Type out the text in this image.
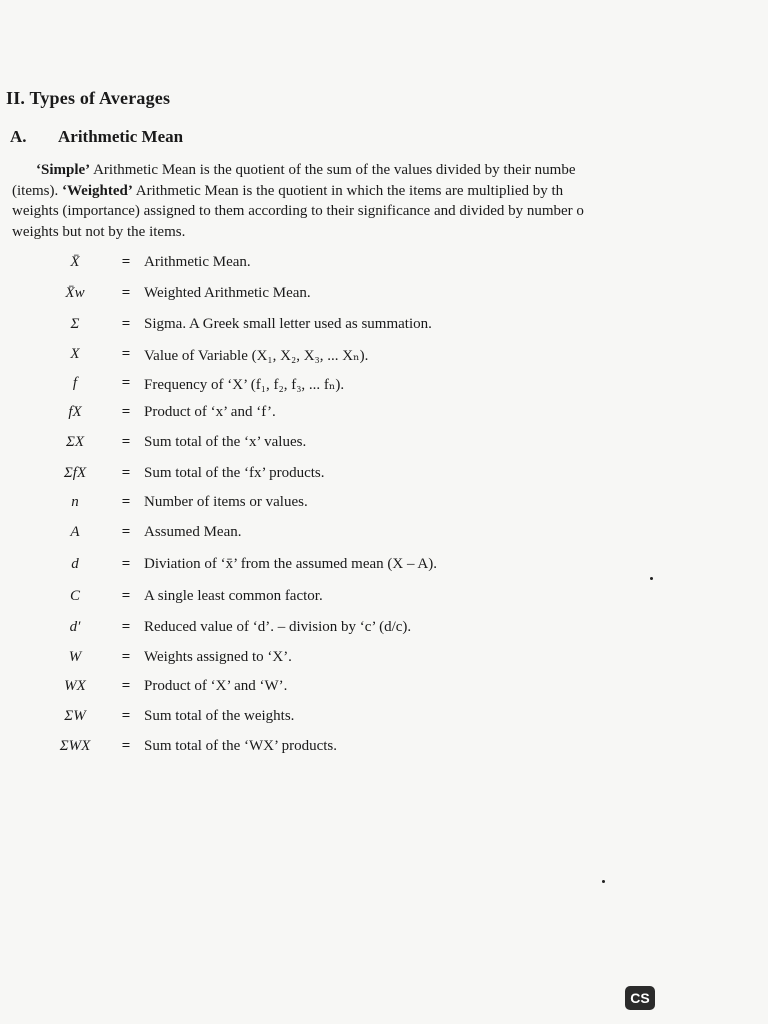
II. Types of Averages
A. Arithmetic Mean
‘Simple’ Arithmetic Mean is the quotient of the sum of the values divided by their numbe
(items). ‘Weighted’ Arithmetic Mean is the quotient in which the items are multiplied by th
weights (importance) assigned to them according to their significance and divided by number o
weights but not by the items.
X̄	= Arithmetic Mean.
X̄w	= Weighted Arithmetic Mean.
Σ	= Sigma. A Greek small letter used as summation.
X	= Value of Variable (X₁, X₂, X₃, ... Xₙ).
f	= Frequency of ‘X’ (f₁, f₂, f₃, ... fₙ).
fX	= Product of ‘x’ and ‘f’.
ΣX	= Sum total of the ‘x’ values.
ΣfX	= Sum total of the ‘fx’ products.
n	= Number of items or values.
A	= Assumed Mean.
d	= Diviation of ‘x̄’ from the assumed mean (X – A).
C	= A single least common factor.
d′	= Reduced value of ‘d’. – division by ‘c’ (d/c).
W	= Weights assigned to ‘X’.
WX	= Product of ‘X’ and ‘W’.
ΣW	= Sum total of the weights.
ΣWX	= Sum total of the ‘WX’ products.
CS
